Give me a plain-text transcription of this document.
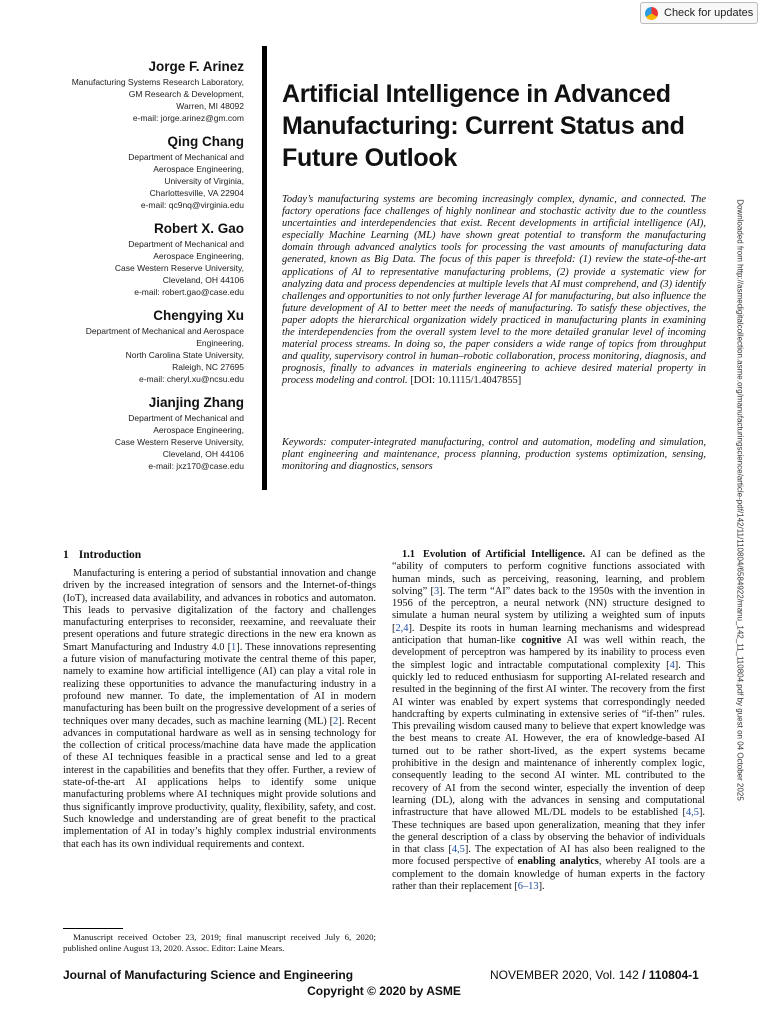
Check for updates
Jorge F. Arinez
Manufacturing Systems Research Laboratory,
GM Research & Development,
Warren, MI 48092
e-mail: jorge.arinez@gm.com
Qing Chang
Department of Mechanical and
Aerospace Engineering,
University of Virginia,
Charlottesville, VA 22904
e-mail: qc9nq@virginia.edu
Robert X. Gao
Department of Mechanical and
Aerospace Engineering,
Case Western Reserve University,
Cleveland, OH 44106
e-mail: robert.gao@case.edu
Chengying Xu
Department of Mechanical and Aerospace
Engineering,
North Carolina State University,
Raleigh, NC 27695
e-mail: cheryl.xu@ncsu.edu
Jianjing Zhang
Department of Mechanical and
Aerospace Engineering,
Case Western Reserve University,
Cleveland, OH 44106
e-mail: jxz170@case.edu
Artificial Intelligence in Advanced Manufacturing: Current Status and Future Outlook
Today’s manufacturing systems are becoming increasingly complex, dynamic, and connected. The factory operations face challenges of highly nonlinear and stochastic activity due to the countless uncertainties and interdependencies that exist. Recent developments in artificial intelligence (AI), especially Machine Learning (ML) have shown great potential to transform the manufacturing domain through advanced analytics tools for processing the vast amounts of manufacturing data generated, known as Big Data. The focus of this paper is threefold: (1) review the state-of-the-art applications of AI to representative manufacturing problems, (2) provide a systematic view for analyzing data and process dependencies at multiple levels that AI must comprehend, and (3) identify challenges and opportunities to not only further leverage AI for manufacturing, but also influence the future development of AI to better meet the needs of manufacturing. To satisfy these objectives, the paper adopts the hierarchical organization widely practiced in manufacturing plants in examining the interdependencies from the overall system level to the more detailed granular level of incoming material process streams. In doing so, the paper considers a wide range of topics from throughput and quality, supervisory control in human–robotic collaboration, process monitoring, diagnosis, and prognosis, finally to advances in materials engineering to achieve desired material property in process modeling and control. [DOI: 10.1115/1.4047855]
Keywords: computer-integrated manufacturing, control and automation, modeling and simulation, plant engineering and maintenance, process planning, production systems optimization, sensing, monitoring and diagnostics, sensors	Downloaded from http://asmedigitalcollection.asme.org/manufacturingscience/article-pdf/142/11/110804/6584922/manu_142_11_110804.pdf by guest on 04 October 2025
1 Introduction

Manufacturing is entering a period of substantial innovation and change driven by the increased integration of sensors and the Internet-of-things (IoT), increased data availability, and advances in robotics and automaton. This leads to pervasive digitalization of the factory and challenges manufacturing enterprises to reconsider, reexamine, and reevaluate their present operations and future strategic directions in the new era known as Smart Manufacturing and Industry 4.0 [1]. These innovations representing a future vision of manufacturing motivate the central theme of this paper, namely to examine how artificial intelligence (AI) can play a vital role in realizing these opportunities to advance the manufacturing industry in a profound new manner. To date, the implementation of AI in modern manufacturing has been built on the progressive development of a series of techniques over many decades, such as machine learning (ML) [2]. Recent advances in computational hardware as well as in sensing technology for the collection of critical process/machine data have made the application of these AI techniques feasible in a practical sense and led to a great interest in the capabilities and benefits that they offer. Further, a review of state-of-the-art AI applications helps to identify some unique manufacturing problems where AI techniques might provide solutions and thus significantly improve productivity, quality, flexibility, safety, and cost. Such knowledge and understanding are of great benefit to the practical implementation of AI in today’s highly complex industrial environments that each has its own individual requirements and context.

1.1 Evolution of Artificial Intelligence. AI can be defined as the “ability of computers to perform cognitive functions associated with human minds, such as perceiving, reasoning, learning, and problem solving” [3]. The term “AI” dates back to the 1950s with the invention in 1956 of the perceptron, a neural network (NN) structure designed to simulate a human neural system by utilizing a weighted sum of inputs [2,4]. Despite its roots in human learning mechanisms and widespread anticipation that human-like cognitive AI was well within reach, the development of perceptron was hampered by its inability to process even the simplest logic and intractable computational complexity [4]. This quickly led to reduced enthusiasm for supporting AI-related research and resulted in the beginning of the first AI winter. The recovery from the first AI winter was enabled by expert systems that correspondingly needed handcrafting by experts culminating in extensive series of “if-then” rules. This prevailing wisdom caused many to believe that expert knowledge was the best means to create AI. However, the era of knowledge-based AI turned out to be rather short-lived, as the expert systems became prohibitive in the design and maintenance of inherently complex logic, consequently leading to the second AI winter. ML contributed to the recovery of AI from the second winter, especially the invention of deep learning (DL), along with the advances in sensing and computational infrastructure that have allowed ML/DL models to be established [4,5]. These techniques are based upon generalization, meaning that they infer the general description of a class by observing the behavior of individuals in that class [4,5]. The expectation of AI has also been realigned to the more focused perspective of enabling analytics, whereby AI tools are a complement to the domain knowledge of human experts in the factory rather than their replacement [6–13].

Manuscript received October 23, 2019; final manuscript received July 6, 2020; published online August 13, 2020. Assoc. Editor: Laine Mears.
Journal of Manufacturing Science and Engineering	NOVEMBER 2020, Vol. 142 / 110804-1
Copyright © 2020 by ASME
